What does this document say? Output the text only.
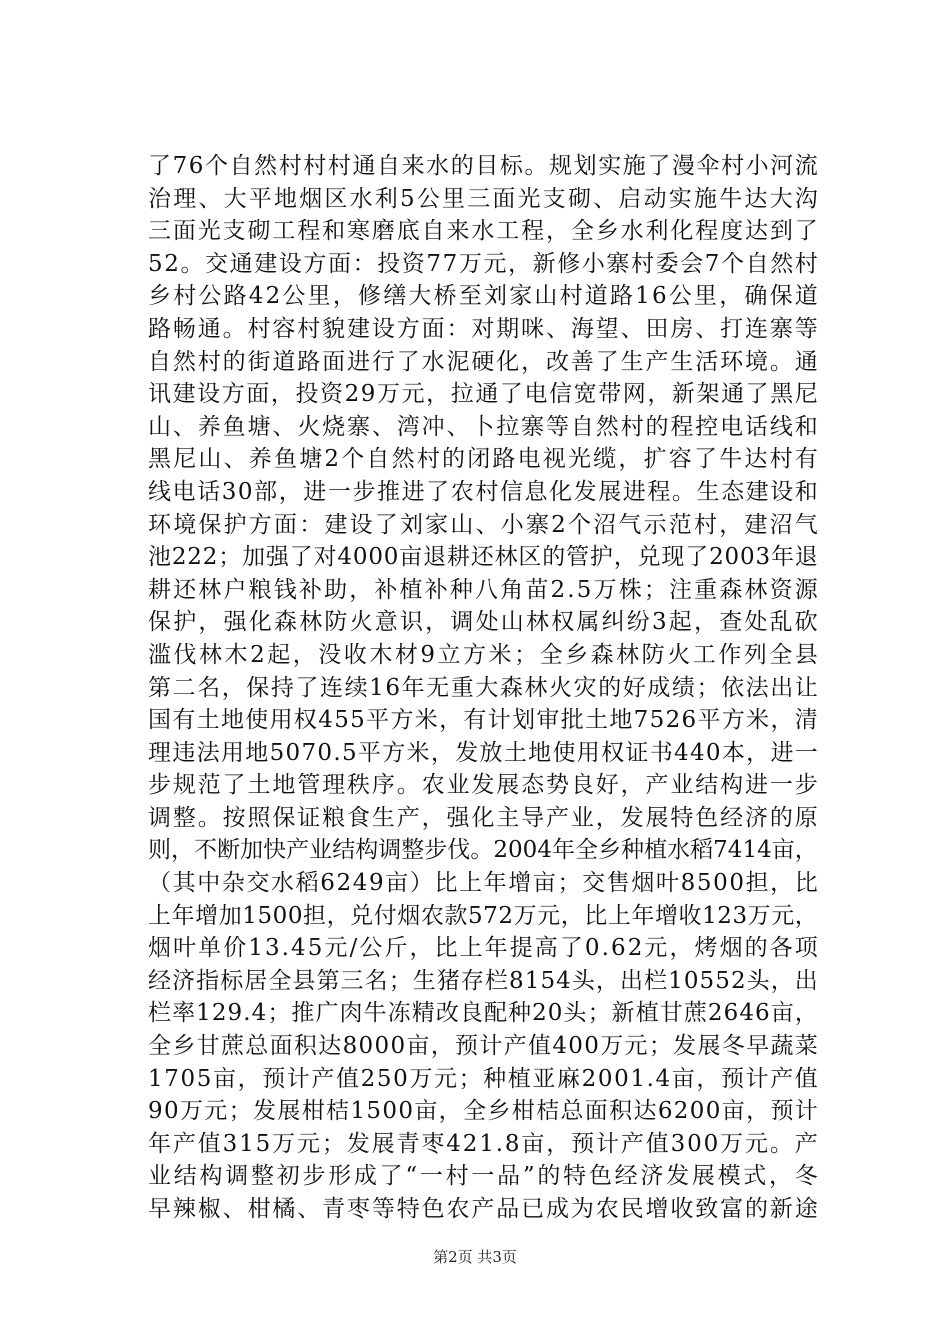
了76个自然村村村通自来水的目标。规划实施了漫伞村小河流
治理、大平地烟区水利5公里三面光支砌、启动实施牛达大沟
三面光支砌工程和寒磨底自来水工程，全乡水利化程度达到了
52。交通建设方面：投资77万元，新修小寨村委会7个自然村
乡村公路42公里，修缮大桥至刘家山村道路16公里，确保道
路畅通。村容村貌建设方面：对期咪、海望、田房、打连寨等
自然村的街道路面进行了水泥硬化，改善了生产生活环境。通
讯建设方面，投资29万元，拉通了电信宽带网，新架通了黑尼
山、养鱼塘、火烧寨、湾冲、卜拉寨等自然村的程控电话线和
黑尼山、养鱼塘2个自然村的闭路电视光缆，扩容了牛达村有
线电话30部，进一步推进了农村信息化发展进程。生态建设和
环境保护方面：建设了刘家山、小寨2个沼气示范村，建沼气
池222；加强了对4000亩退耕还林区的管护，兑现了2003年退
耕还林户粮钱补助，补植补种八角苗2.5万株；注重森林资源
保护，强化森林防火意识，调处山林权属纠纷3起，查处乱砍
滥伐林木2起，没收木材9立方米；全乡森林防火工作列全县
第二名，保持了连续16年无重大森林火灾的好成绩；依法出让
国有土地使用权455平方米，有计划审批土地7526平方米，清
理违法用地5070.5平方米，发放土地使用权证书440本，进一
步规范了土地管理秩序。农业发展态势良好，产业结构进一步
调整。按照保证粮食生产，强化主导产业，发展特色经济的原
则，不断加快产业结构调整步伐。2004年全乡种植水稻7414亩，
（其中杂交水稻6249亩）比上年增亩；交售烟叶8500担，比
上年增加1500担，兑付烟农款572万元，比上年增收123万元，
烟叶单价13.45元/公斤，比上年提高了0.62元，烤烟的各项
经济指标居全县第三名；生猪存栏8154头，出栏10552头，出
栏率129.4；推广肉牛冻精改良配种20头；新植甘蔗2646亩，
全乡甘蔗总面积达8000亩，预计产值400万元；发展冬早蔬菜
1705亩，预计产值250万元；种植亚麻2001.4亩，预计产值
90万元；发展柑桔1500亩，全乡柑桔总面积达6200亩，预计
年产值315万元；发展青枣421.8亩，预计产值300万元。产
业结构调整初步形成了“一村一品”的特色经济发展模式，冬
早辣椒、柑橘、青枣等特色农产品已成为农民增收致富的新途
第2页 共3页
